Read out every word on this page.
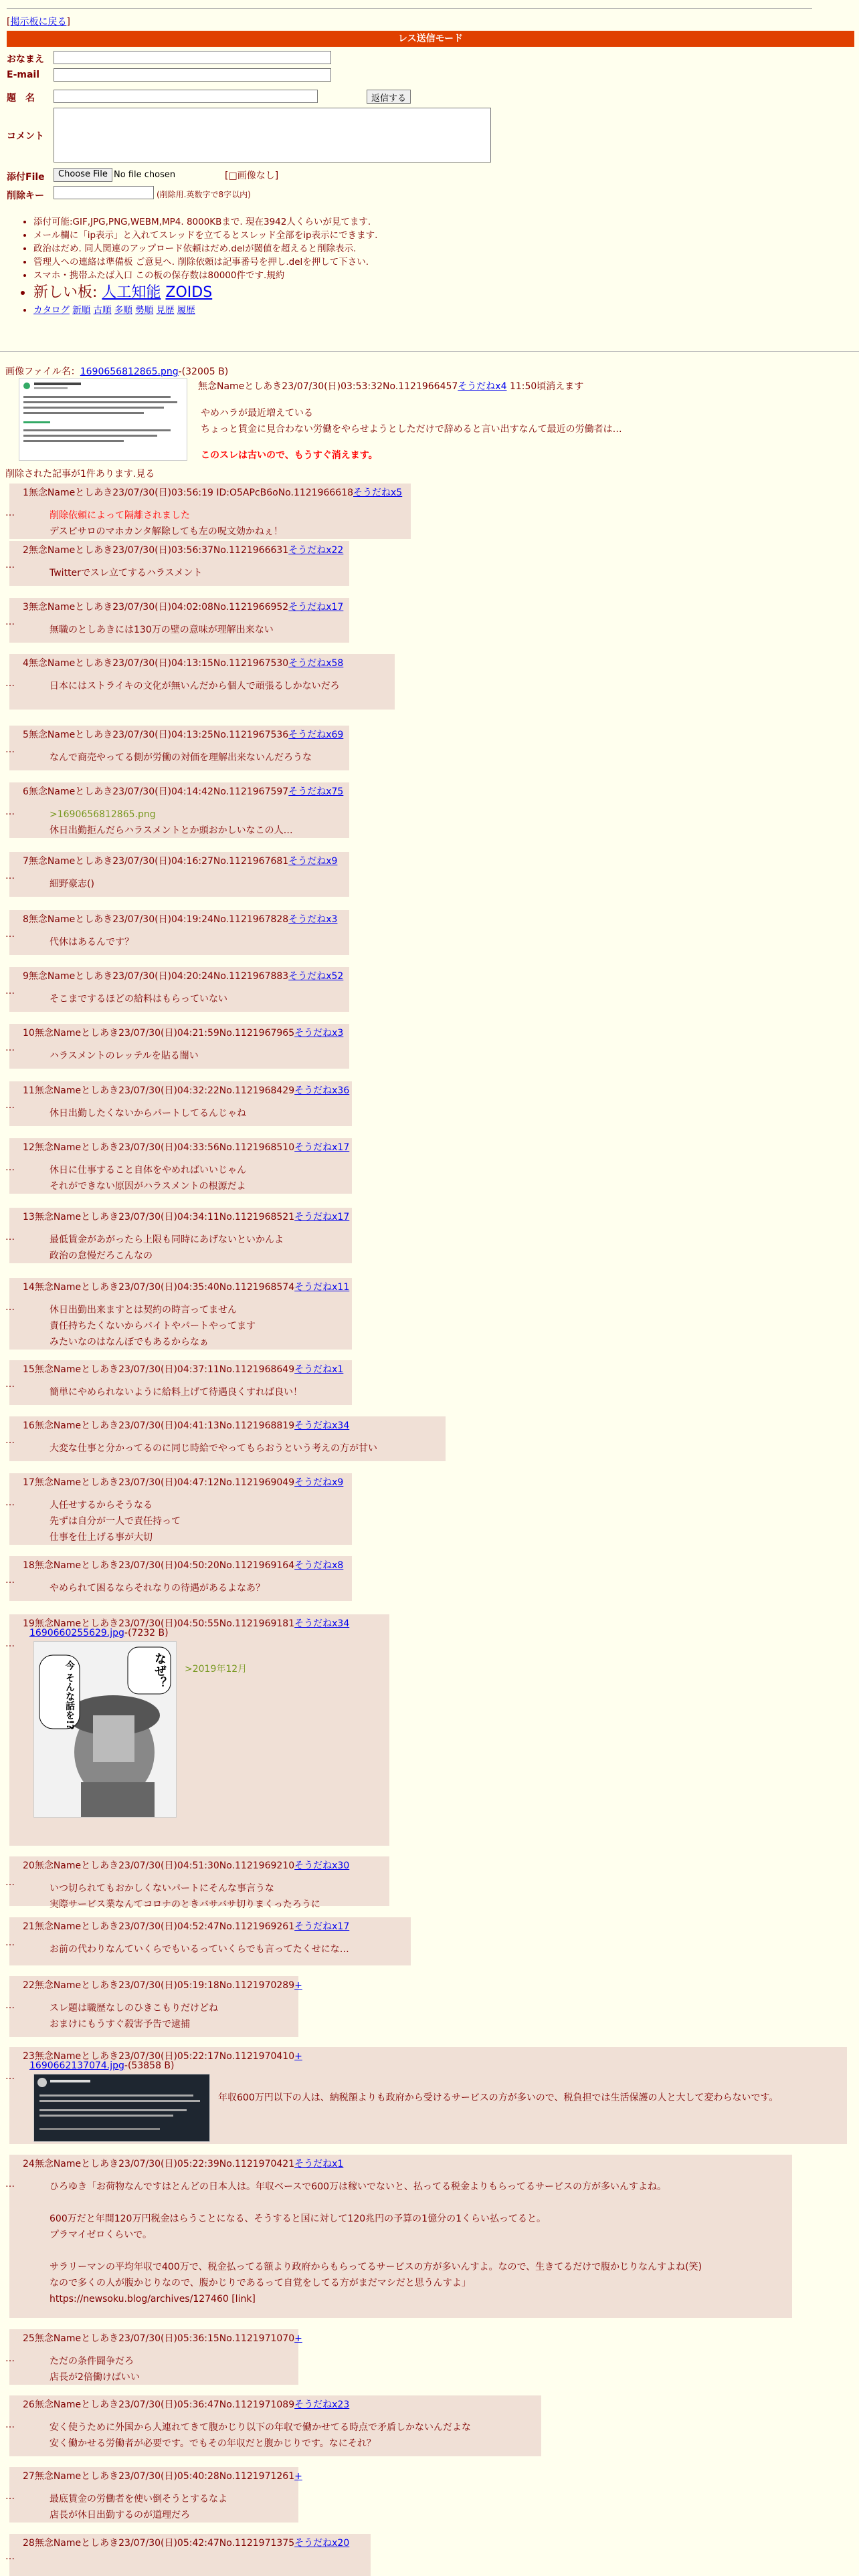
[掲示板に戻る]
レス送信モード
おなまえ
E-mail
題　名	返信する
コメント
添付File	Choose File No file chosen	[□画像なし]
削除キー	(削除用.英数字で8字以内)
• 添付可能:GIF,JPG,PNG,WEBM,MP4. 8000KBまで. 現在3942人くらいが見てます.
• メール欄に「ip表示」と入れてスレッドを立てるとスレッド全部をip表示にできます.
• 政治はだめ. 同人関連のアップロード依頼はだめ.delが閾値を超えると削除表示.
• 管理人への連絡は準備板 ご意見へ. 削除依頼は記事番号を押し.delを押して下さい.
• スマホ・携帯ふたば入口 この板の保存数は80000件です.規約
• 新しい板: 人工知能 ZOIDS
• カタログ 新順 古順 多順 勢順 見歴 履歴
画像ファイル名：1690656812865.png-(32005 B)
無念Nameとしあき23/07/30(日)03:53:32No.1121966457そうだねx4 11:50頃消えます
やめハラが最近増えている
ちょっと賃金に見合わない労働をやらせようとしただけで辞めると言い出すなんて最近の労働者は…
このスレは古いので、もうすぐ消えます。
削除された記事が1件あります.見る
…
1無念Nameとしあき23/07/30(日)03:56:19 ID:O5APcB6oNo.1121966618そうだねx5
削除依頼によって隔離されました
デスピサロのマホカンタ解除しても左の呪文効かねぇ！
…
2無念Nameとしあき23/07/30(日)03:56:37No.1121966631そうだねx22
Twitterでスレ立てするハラスメント
…
3無念Nameとしあき23/07/30(日)04:02:08No.1121966952そうだねx17
無職のとしあきには130万の壁の意味が理解出来ない
…
4無念Nameとしあき23/07/30(日)04:13:15No.1121967530そうだねx58
日本にはストライキの文化が無いんだから個人で頑張るしかないだろ
…
5無念Nameとしあき23/07/30(日)04:13:25No.1121967536そうだねx69
なんで商売やってる側が労働の対価を理解出来ないんだろうな
…
6無念Nameとしあき23/07/30(日)04:14:42No.1121967597そうだねx75
>1690656812865.png
休日出勤拒んだらハラスメントとか頭おかしいなこの人…
…
7無念Nameとしあき23/07/30(日)04:16:27No.1121967681そうだねx9
細野豪志()
…
8無念Nameとしあき23/07/30(日)04:19:24No.1121967828そうだねx3
代休はあるんです？
…
9無念Nameとしあき23/07/30(日)04:20:24No.1121967883そうだねx52
そこまでするほどの給料はもらっていない
…
10無念Nameとしあき23/07/30(日)04:21:59No.1121967965そうだねx3
ハラスメントのレッテルを貼る闇い
…
11無念Nameとしあき23/07/30(日)04:32:22No.1121968429そうだねx36
休日出勤したくないからパートしてるんじゃね
…
12無念Nameとしあき23/07/30(日)04:33:56No.1121968510そうだねx17
休日に仕事すること自体をやめればいいじゃん
それができない原因がハラスメントの根源だよ
…
13無念Nameとしあき23/07/30(日)04:34:11No.1121968521そうだねx17
最低賃金があがったら上限も同時にあげないといかんよ
政治の怠慢だろこんなの
…
14無念Nameとしあき23/07/30(日)04:35:40No.1121968574そうだねx11
休日出勤出来ますとは契約の時言ってません
責任持ちたくないからバイトやパートやってます
みたいなのはなんぼでもあるからなぁ
…
15無念Nameとしあき23/07/30(日)04:37:11No.1121968649そうだねx1
簡単にやめられないように給料上げて待遇良くすれば良い！
…
16無念Nameとしあき23/07/30(日)04:41:13No.1121968819そうだねx34
大変な仕事と分かってるのに同じ時給でやってもらおうという考えの方が甘い
…
17無念Nameとしあき23/07/30(日)04:47:12No.1121969049そうだねx9
人任せするからそうなる
先ずは自分が一人で責任持って
仕事を仕上げる事が大切
…
18無念Nameとしあき23/07/30(日)04:50:20No.1121969164そうだねx8
やめられて困るならそれなりの待遇があるよなあ？
…
19無念Nameとしあき23/07/30(日)04:50:55No.1121969181そうだねx34
1690660255629.jpg-(7232 B)
なぜ？
今 そんな話を!?	>2019年12月
…
20無念Nameとしあき23/07/30(日)04:51:30No.1121969210そうだねx30
いつ切られてもおかしくないパートにそんな事言うな
実際サービス業なんてコロナのときバサバサ切りまくったろうに
…
21無念Nameとしあき23/07/30(日)04:52:47No.1121969261そうだねx17
お前の代わりなんていくらでもいるっていくらでも言ってたくせにな…
…
22無念Nameとしあき23/07/30(日)05:19:18No.1121970289+
スレ題は職歴なしのひきこもりだけどね
おまけにもうすぐ殺害予告で逮捕
…
23無念Nameとしあき23/07/30(日)05:22:17No.1121970410+
1690662137074.jpg-(53858 B)
年収600万円以下の人は、納税額よりも政府から受けるサービスの方が多いので、税負担では生活保護の人と大して変わらないです。
…
24無念Nameとしあき23/07/30(日)05:22:39No.1121970421そうだねx1
ひろゆき「お荷物なんですはとんどの日本人は。年収ベースで600万は稼いでないと、払ってる税金よりもらってるサービスの方が多いんすよね。

600万だと年間120万円税金はらうことになる、そうすると国に対して120兆円の予算の1億分の1くらい払ってると。
プラマイゼロくらいで。

サラリーマンの平均年収で400万で、税金払ってる額より政府からもらってるサービスの方が多いんすよ。なので、生きてるだけで腹かじりなんすよね(笑)
なので多くの人が腹かじりなので、腹かじりであるって自覚をしてる方がまだマシだと思うんすよ」
https://newsoku.blog/archives/127460 [link]
…
25無念Nameとしあき23/07/30(日)05:36:15No.1121971070+
ただの条件闘争だろ
店長が2倍働けばいい
…
26無念Nameとしあき23/07/30(日)05:36:47No.1121971089そうだねx23
安く使うために外国から人連れてきて腹かじり以下の年収で働かせてる時点で矛盾しかないんだよな
安く働かせる労働者が必要です。でもその年収だと腹かじりです。なにそれ？
…
27無念Nameとしあき23/07/30(日)05:40:28No.1121971261+
最底賃金の労働者を使い倒そうとするなよ
店長が休日出勤するのが道理だろ
…
28無念Nameとしあき23/07/30(日)05:42:47No.1121971375そうだねx20
